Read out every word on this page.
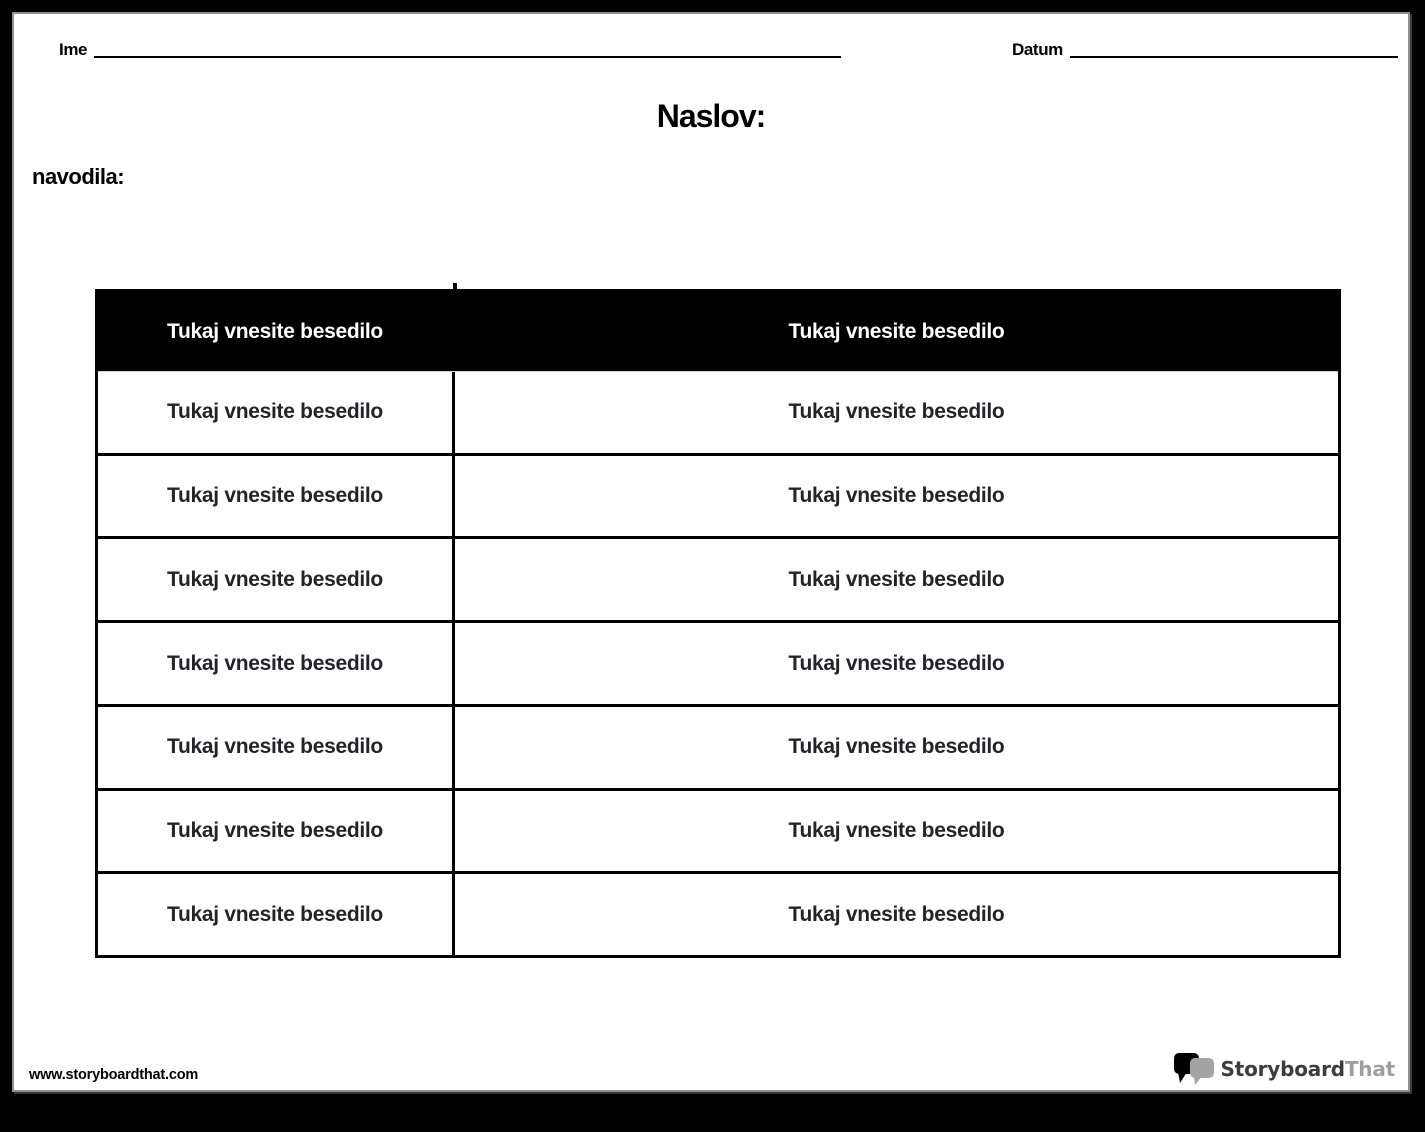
Ime	Datum
Naslov:
navodila:
Tukaj vnesite besedilo	Tukaj vnesite besedilo
Tukaj vnesite besedilo	Tukaj vnesite besedilo
Tukaj vnesite besedilo	Tukaj vnesite besedilo
Tukaj vnesite besedilo	Tukaj vnesite besedilo
Tukaj vnesite besedilo	Tukaj vnesite besedilo
Tukaj vnesite besedilo	Tukaj vnesite besedilo
Tukaj vnesite besedilo	Tukaj vnesite besedilo
Tukaj vnesite besedilo	Tukaj vnesite besedilo
www.storyboardthat.com	StoryboardThat
